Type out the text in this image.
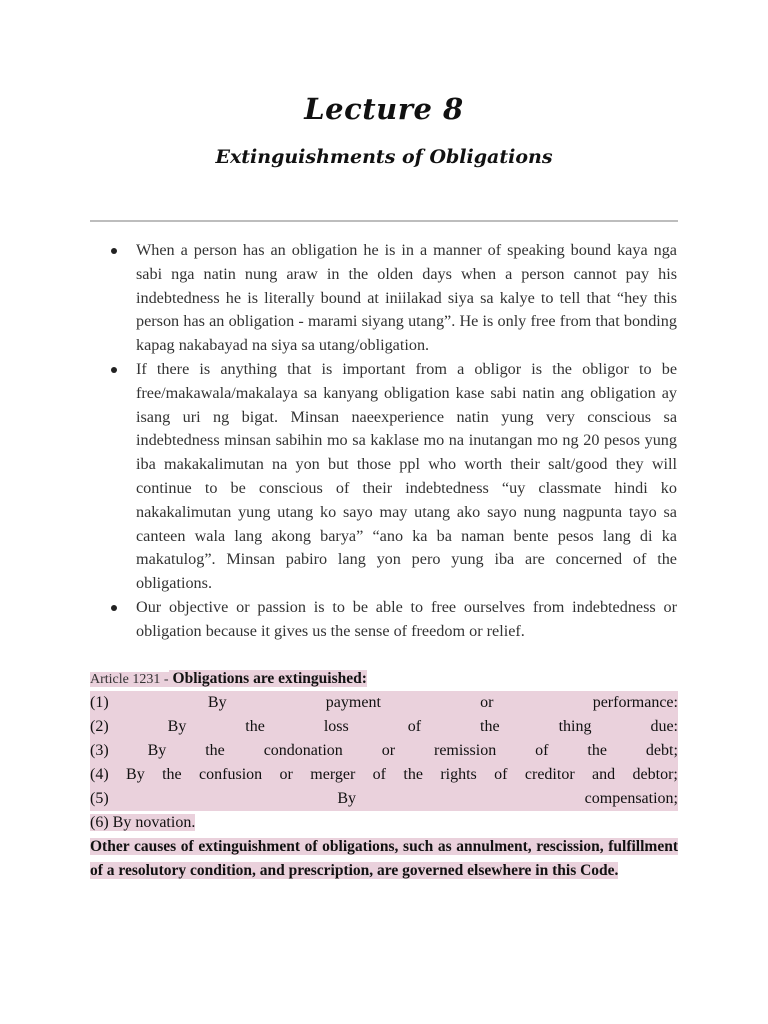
Lecture 8
Extinguishments of Obligations
When a person has an obligation he is in a manner of speaking bound kaya nga sabi nga natin nung araw in the olden days when a person cannot pay his indebtedness he is literally bound at iniilakad siya sa kalye to tell that “hey this person has an obligation - marami siyang utang”. He is only free from that bonding kapag nakabayad na siya sa utang/obligation.
If there is anything that is important from a obligor is the obligor to be free/makawala/makalaya sa kanyang obligation kase sabi natin ang obligation ay isang uri ng bigat. Minsan naeexperience natin yung very conscious sa indebtedness minsan sabihin mo sa kaklase mo na inutangan mo ng 20 pesos yung iba makakalimutan na yon but those ppl who worth their salt/good they will continue to be conscious of their indebtedness “uy classmate hindi ko nakakalimutan yung utang ko sayo may utang ako sayo nung nagpunta tayo sa canteen wala lang akong barya” “ano ka ba naman bente pesos lang di ka makatulog”. Minsan pabiro lang yon pero yung iba are concerned of the obligations.
Our objective or passion is to be able to free ourselves from indebtedness or obligation because it gives us the sense of freedom or relief.
Article 1231 - Obligations are extinguished:
(1)	By	payment	or	performance:
(2)	By	the	loss	of	the	thing	due:
(3) By the condonation or remission of the debt;
(4) By the confusion or merger of the rights of creditor and debtor;
(5)	By	compensation;
(6) By novation.
Other causes of extinguishment of obligations, such as annulment, rescission, fulfillment of a resolutory condition, and prescription, are governed elsewhere in this Code.
